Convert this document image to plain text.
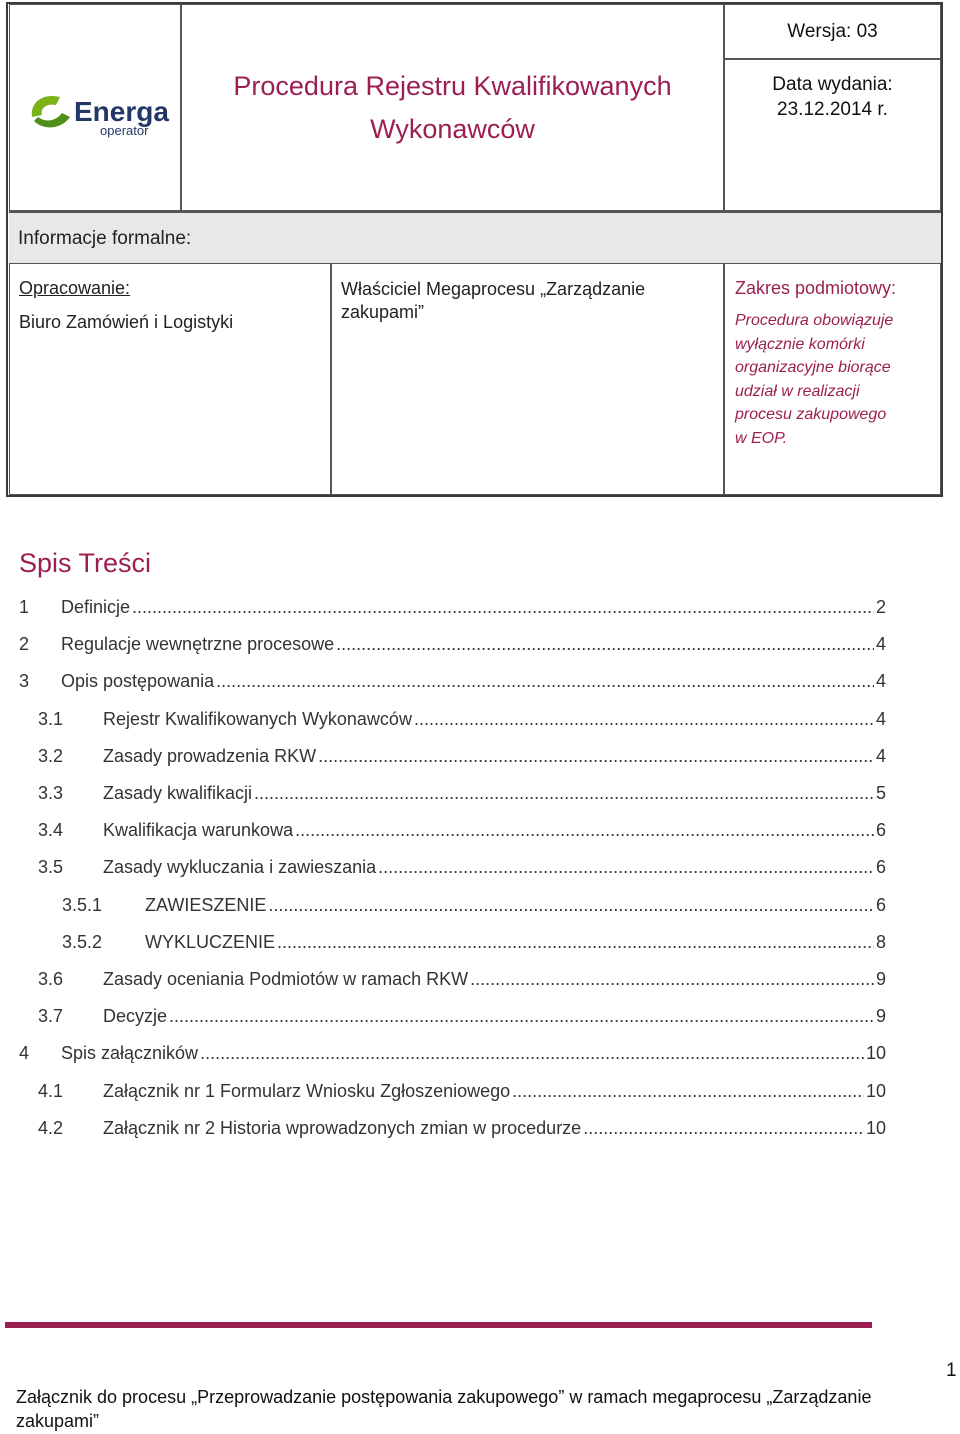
Energa
operator
Procedura Rejestru Kwalifikowanych
Wykonawców
Wersja: 03
Data wydania:
23.12.2014 r.
Informacje formalne:
Opracowanie:
Biuro Zamówień i Logistyki
Właściciel Megaprocesu „Zarządzanie
zakupami”
Zakres podmiotowy:
Procedura obowiązuje
wyłącznie komórki
organizacyjne biorące
udział w realizacji
procesu zakupowego
w EOP.
Spis Treści
1	Definicje .....	2
2	Regulacje wewnętrzne procesowe .....	4
3	Opis postępowania .....	4
3.1	Rejestr Kwalifikowanych Wykonawców .....	4
3.2	Zasady prowadzenia RKW .....	4
3.3	Zasady kwalifikacji .....	5
3.4	Kwalifikacja warunkowa .....	6
3.5	Zasady wykluczania i zawieszania .....	6
3.5.1	ZAWIESZENIE .....	6
3.5.2	WYKLUCZENIE .....	8
3.6	Zasady oceniania Podmiotów w ramach RKW .....	9
3.7	Decyzje .....	9
4	Spis załączników .....	10
4.1	Załącznik nr 1 Formularz Wniosku Zgłoszeniowego .....	10
4.2	Załącznik nr 2 Historia wprowadzonych zmian w procedurze .....	10
Załącznik do procesu „Przeprowadzanie postępowania zakupowego” w ramach megaprocesu „Zarządzanie
zakupami”
1
